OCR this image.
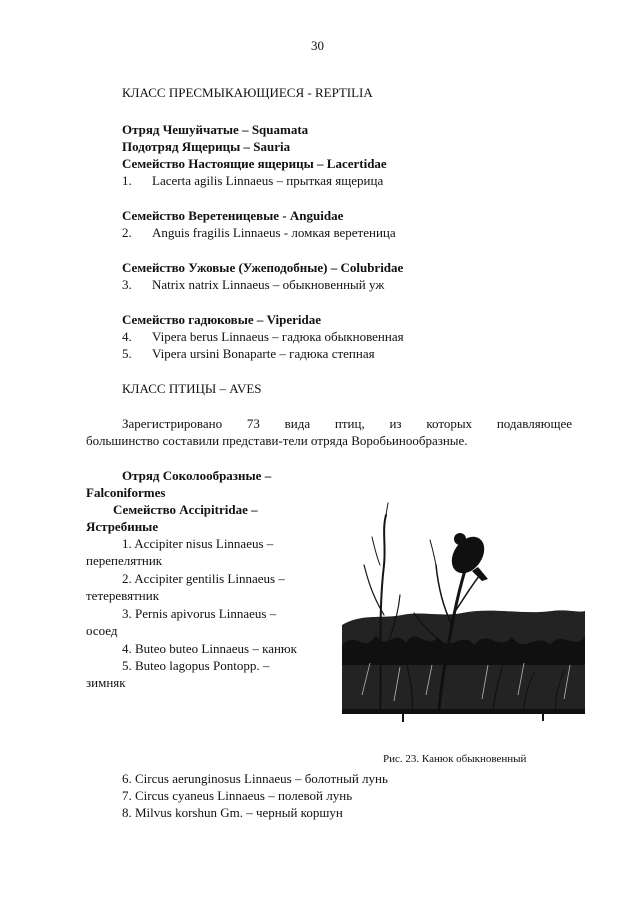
30
КЛАСС ПРЕСМЫКАЮЩИЕСЯ - REPTILIA
Отряд Чешуйчатые – Squamata
Подотряд Ящерицы – Sauria
Семейство Настоящие ящерицы – Lacertidae
1. Lacerta agilis Linnaeus – прыткая ящерица
Семейство Веретеницевые - Anguidae
2. Anguis fragilis Linnaeus - ломкая веретеница
Семейство Ужовые (Ужеподобные) – Colubridae
3. Natrix natrix Linnaeus – обыкновенный уж
Семейство гадюковые – Viperidae
4. Vipera berus Linnaeus – гадюка обыкновенная
5. Vipera ursini Bonaparte – гадюка степная
КЛАСС ПТИЦЫ – AVES
Зарегистрировано 73 вида птиц, из которых подавляющее
большинство составили представи-тели отряда Воробьинообразные.
Отряд Соколообразные –
Falconiformes
Семейство Accipitridae –
Ястребиные
1. Accipiter nisus Linnaeus –
перепелятник
2. Accipiter gentilis Linnaeus –
тетеревятник
3. Pernis apivorus Linnaeus –
осоед
4. Buteo buteo Linnaeus – канюк
5. Buteo lagopus Pontopp. –
зимняк
Рис. 23. Канюк обыкновенный
6. Circus aerunginosus Linnaeus – болотный лунь
7. Circus cyaneus Linnaeus – полевой лунь
8. Milvus korshun Gm. – черный коршун
